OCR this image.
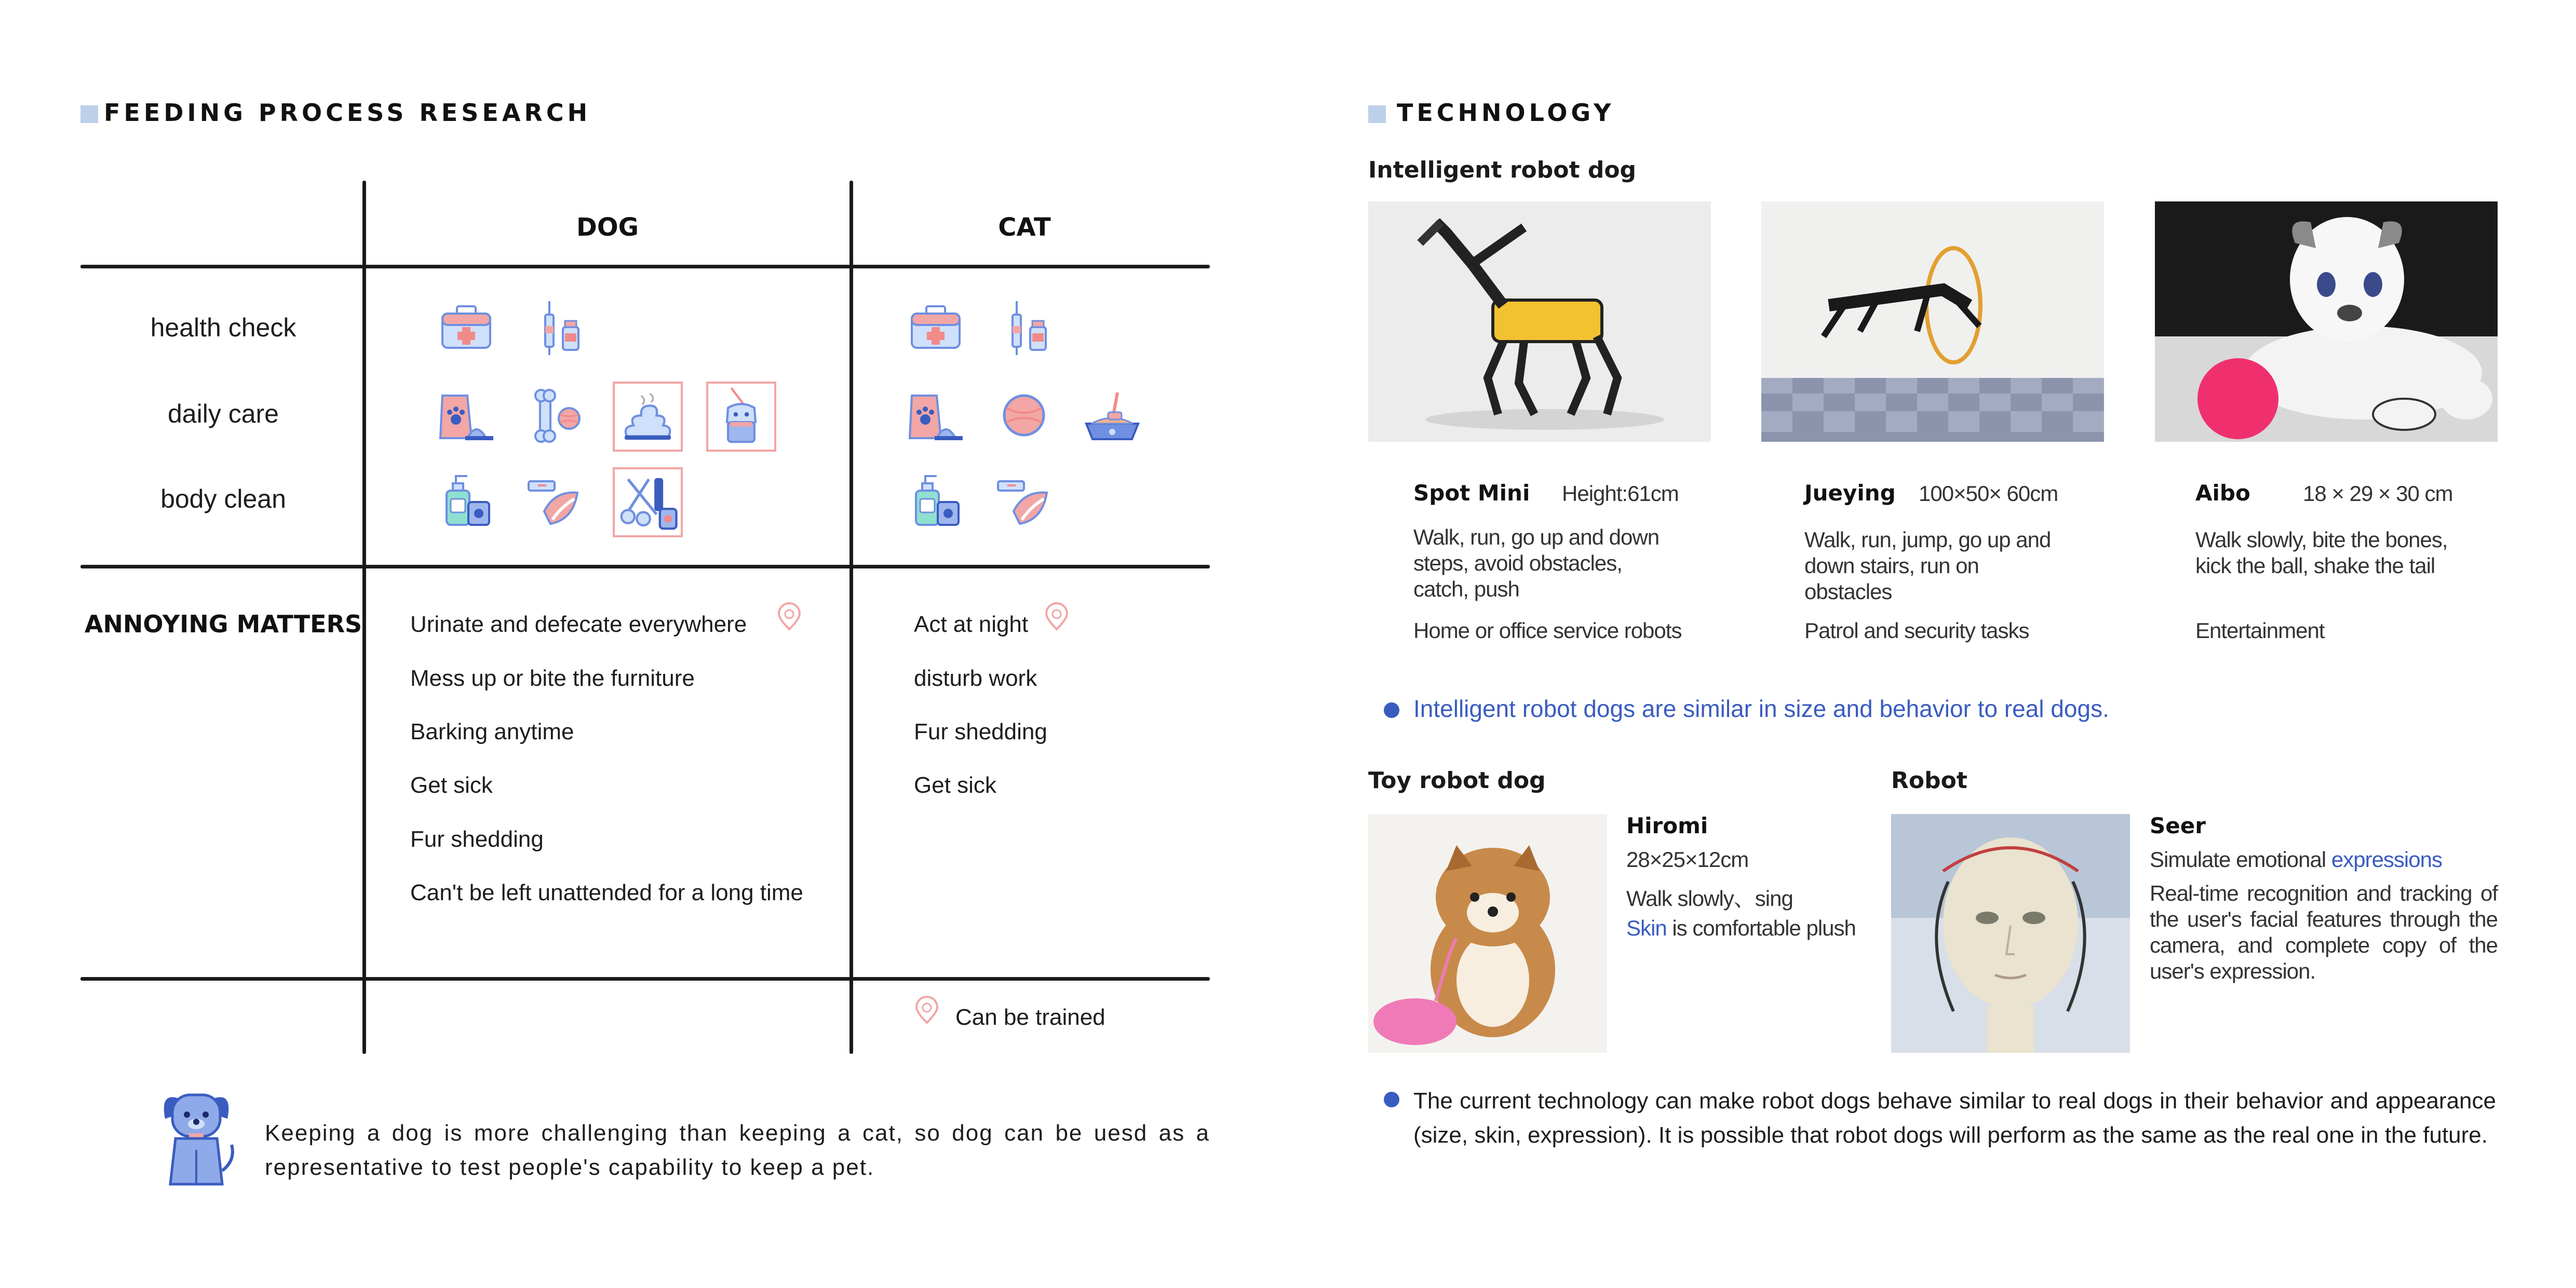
FEEDING PROCESS RESEARCH
DOG	CAT
health check
daily care
body clean
ANNOYING MATTERS Urinate and defecate everywhere
Mess up or bite the furniture
Barking anytime
Get sick
Fur shedding
Can't be left unattended for a long time
Act at night
disturb work
Fur shedding
Get sick
Can be trained
Keeping a dog is more challenging than keeping a cat, so dog can be uesd as a representative to test people's capability to keep a pet.
TECHNOLOGY
Intelligent robot dog
Spot Mini Height:61cm
Walk, run, go up and down steps, avoid obstacles, catch, push
Home or office service robots
Jueying 100×50× 60cm
Walk, run, jump, go up and down stairs, run on obstacles
Patrol and security tasks
Aibo 18 × 29 × 30 cm
Walk slowly, bite the bones, kick the ball, shake the tail
Entertainment
Intelligent robot dogs are similar in size and behavior to real dogs.
Toy robot dog	Robot
Hiromi
28×25×12cm
Walk slowly、sing
Skin is comfortable plush
Seer
Simulate emotional expressions
Real-time recognition and tracking of the user's facial features through the camera, and complete copy of the user's expression.
The current technology can make robot dogs behave similar to real dogs in their behavior and appearance (size, skin, expression). It is possible that robot dogs will perform as the same as the real one in the future.
